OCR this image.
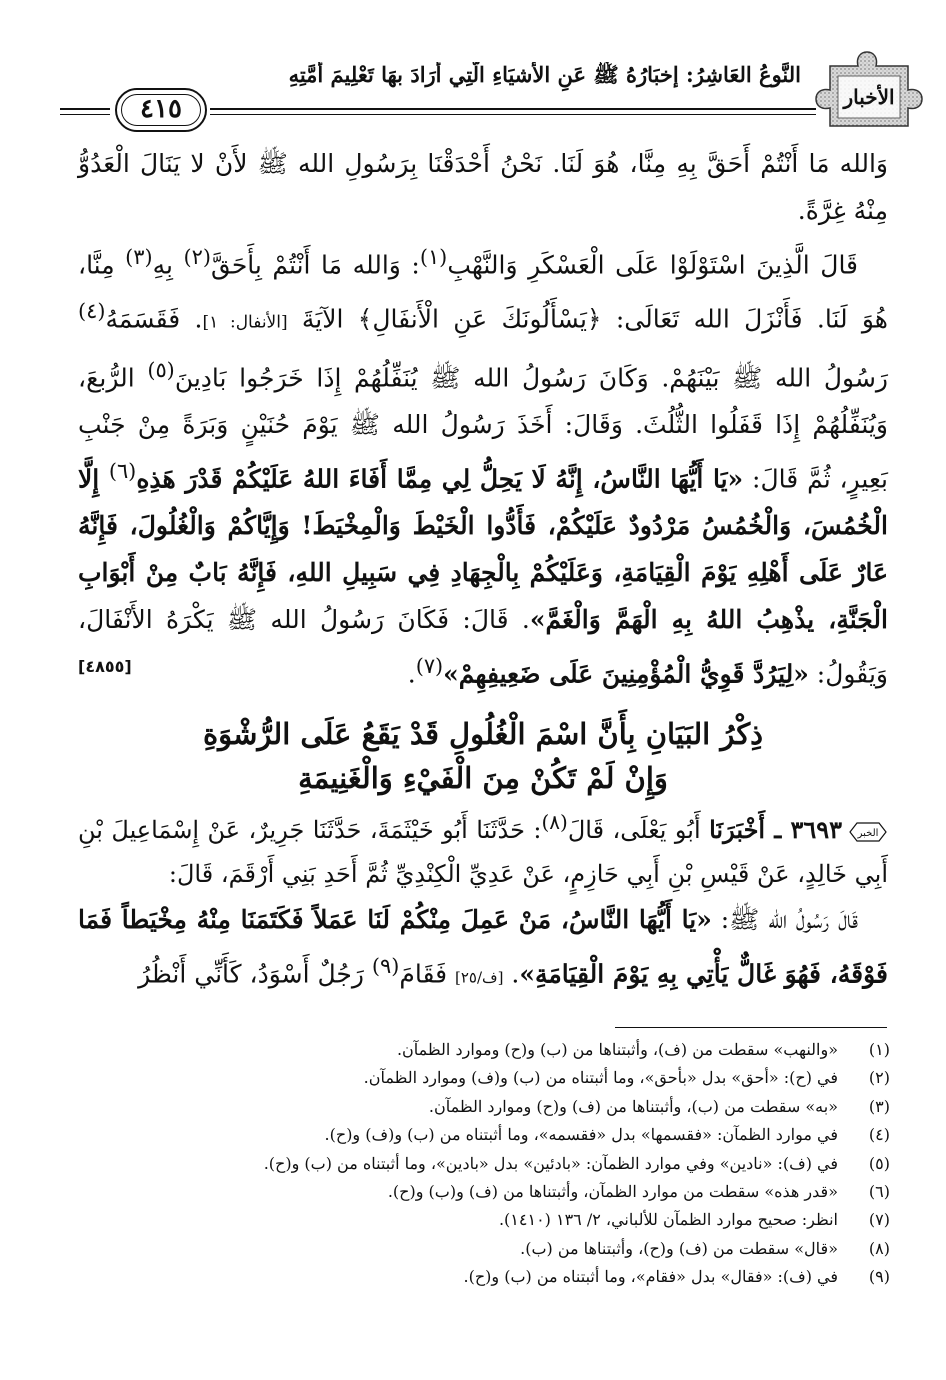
الأخبار
النَّوعُ العَاشِرُ: إخبَارُهُ ﷺ عَنِ الأشيَاءِ الَّتِي أَرَادَ بهَا تَعْلِيمَ أُمَّتِهِ
٤١٥

وَالله مَا أَنْتُمْ أَحَقَّ بِهِ مِنَّا، هُوَ لَنَا. نَحْنُ أَحْدَقْنَا بِرَسُولِ الله ﷺ لأَنْ لا يَنَالَ الْعَدُوُّ مِنْهُ غِرَّةً.

قَالَ الَّذِينَ اسْتَوْلَوْا عَلَى الْعَسْكَرِ وَالنَّهْبِ$^{(١)}$: وَالله مَا أَنْتُمْ بِأَحَقَّ$^{(٢)}$ بِهِ$^{(٣)}$ مِنَّا، هُوَ لَنَا. فَأَنْزَلَ الله تَعَالَى: ﴿يَسْأَلُونَكَ عَنِ الْأَنفَالِ﴾ الآيَةَ [الأنفال: ١]. فَقَسَمَهُ$^{(٤)}$ رَسُولُ الله ﷺ بَيْنَهُمْ. وَكَانَ رَسُولُ الله ﷺ يُنَفِّلُهُمْ إِذَا خَرَجُوا بَادِينَ$^{(٥)}$ الرُّبعَ، وَيُنَفِّلُهُمْ إِذَا قَفَلُوا الثُّلُثَ. وَقَالَ: أَخَذَ رَسُولُ الله ﷺ يَوْمَ حُنَيْنٍ وَبَرَةً مِنْ جَنْبِ بَعِيرٍ، ثُمَّ قَالَ: «يَا أَيُّهَا النَّاسُ، إِنَّهُ لَا يَحِلُّ لِي مِمَّا أَفَاءَ اللهُ عَلَيْكُمْ قَدْرَ هَذِهِ$^{(٦)}$ إِلَّا الْخُمُسَ، وَالْخُمُسُ مَرْدُودٌ عَلَيْكُمْ، فَأَدُّوا الْخَيْطَ وَالْمِخْيَطَ! وَإِيَّاكُمْ وَالْغُلُولَ، فَإِنَّهُ عَارٌ عَلَى أَهْلِهِ يَوْمَ الْقِيَامَةِ، وَعَلَيْكُمْ بِالْجِهَادِ فِي سَبِيلِ اللهِ، فَإِنَّهُ بَابٌ مِنْ أَبْوَابِ الْجَنَّةِ، يذْهِبُ اللهُ بِهِ الْهَمَّ وَالْغَمَّ». قَالَ: فَكَانَ رَسُولُ الله ﷺ يَكْرَهُ الأَنْفَالَ، وَيَقُولُ: «لِيَرُدَّ قَوِيُّ الْمُؤْمِنِينَ عَلَى ضَعِيفِهِمْ»$^{(٧)}$.
[٤٨٥٥]

ذِكْرُ البَيَانِ بِأَنَّ اسْمَ الْغُلُولِ قَدْ يَقَعُ عَلَى الرُّشْوَةِ
وَإِنْ لَمْ تَكُنْ مِنَ الْفَيْءِ وَالْغَنِيمَةِ

الخبر
٣٦٩٣ ـ أَخْبَرَنَا أَبُو يَعْلَى، قَالَ$^{(٨)}$: حَدَّثَنَا أَبُو خَيْثَمَةَ، حَدَّثَنَا جَرِيرٌ، عَنْ إِسْمَاعِيلَ بْنِ أَبِي خَالِدٍ، عَنْ قَيْسِ بْنِ أَبِي حَازِمٍ، عَنْ عَدِيِّ الْكِنْدِيِّ ثُمَّ أَحَدِ بَنِي أَرْقَمَ، قَالَ:

قَالَ رَسُولُ الله ﷺ: «يَا أَيُّهَا النَّاسُ، مَنْ عَمِلَ مِنْكُمْ لَنَا عَمَلاً فَكَتَمَنَا مِنْهُ مِخْيَطاً فَمَا فَوْقَهُ، فَهُوَ غَالٌّ يَأْتِي بِهِ يَوْمَ الْقِيَامَةِ». [ف/٢٥] فَقَامَ$^{(٩)}$ رَجُلٌ أَسْوَدُ، كَأَنِّي أَنْظُرُ

(١)
«والنهب» سقطت من (ف)، وأثبتناها من (ب) و(ح) وموارد الظمآن.
(٢)
في (ح): «أحق» بدل «بأحق»، وما أثبتناه من (ب) و(ف) وموارد الظمآن.
(٣)
«به» سقطت من (ب)، وأثبتناها من (ف) و(ح) وموارد الظمآن.
(٤)
في موارد الظمآن: «فقسمها» بدل «فقسمه»، وما أثبتناه من (ب) و(ف) و(ح).
(٥)
في (ف): «نادين» وفي موارد الظمآن: «بادئين» بدل «بادين»، وما أثبتناه من (ب) و(ح).
(٦)
«قدر هذه» سقطت من موارد الظمآن، وأثبتناها من (ف) و(ب) و(ح).
(٧)
انظر: صحيح موارد الظمآن للألباني، ٢/ ١٣٦ (١٤١٠).
(٨)
«قال» سقطت من (ف) و(ح)، وأثبتناها من (ب).
(٩)
في (ف): «فقال» بدل «فقام»، وما أثبتناه من (ب) و(ح).
